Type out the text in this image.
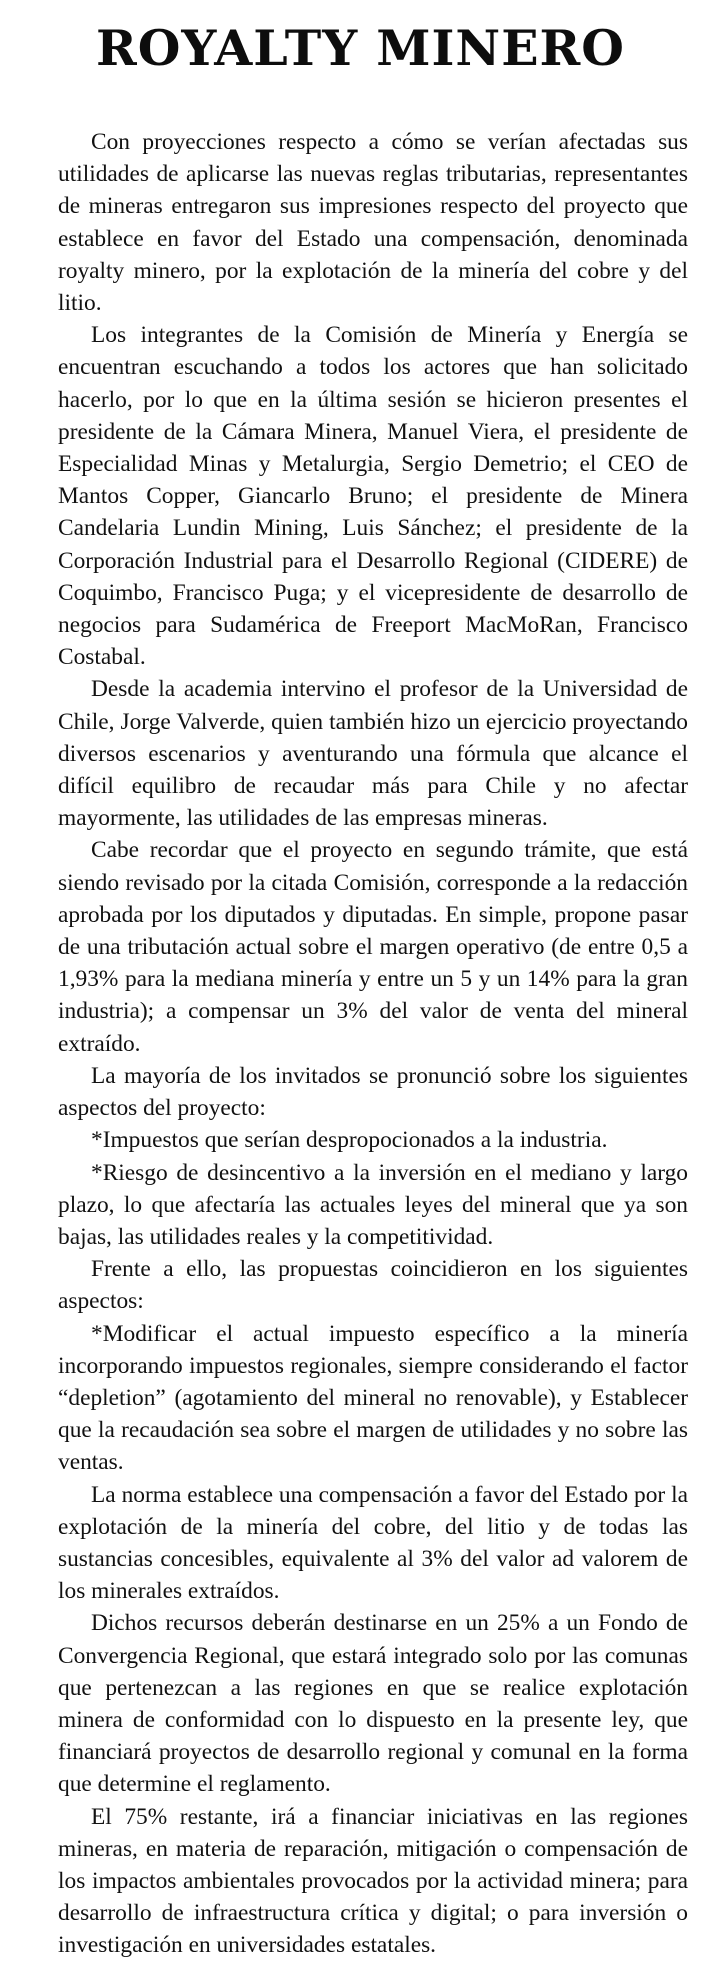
ROYALTY MINERO

Con proyecciones respecto a cómo se verían afectadas sus utilidades de aplicarse las nuevas reglas tributarias, representantes de mineras entregaron sus impresiones respecto del proyecto que establece en favor del Estado una compensación, denominada royalty minero, por la explotación de la minería del cobre y del litio.

Los integrantes de la Comisión de Minería y Energía se encuentran escuchando a todos los actores que han solicitado hacerlo, por lo que en la última sesión se hicieron presentes el presidente de la Cámara Minera, Manuel Viera, el presidente de Especialidad Minas y Metalurgia, Sergio Demetrio; el CEO de Mantos Copper, Giancarlo Bruno; el presidente de Minera Candelaria Lundin Mining, Luis Sánchez; el presidente de la Corporación Industrial para el Desarrollo Regional (CIDERE) de Coquimbo, Francisco Puga; y el vicepresidente de desarrollo de negocios para Sudamérica de Freeport MacMoRan, Francisco Costabal.

Desde la academia intervino el profesor de la Universidad de Chile, Jorge Valverde, quien también hizo un ejercicio proyectando diversos escenarios y aventurando una fórmula que alcance el difícil equilibro de recaudar más para Chile y no afectar mayormente, las utilidades de las empresas mineras.

Cabe recordar que el proyecto en segundo trámite, que está siendo revisado por la citada Comisión, corresponde a la redacción aprobada por los diputados y diputadas. En simple, propone pasar de una tributación actual sobre el margen operativo (de entre 0,5 a 1,93% para la mediana minería y entre un 5 y un 14% para la gran industria); a compensar un 3% del valor de venta del mineral extraído.

La mayoría de los invitados se pronunció sobre los siguientes aspectos del proyecto:

*Impuestos que serían despropocionados a la industria.

*Riesgo de desincentivo a la inversión en el mediano y largo plazo, lo que afectaría las actuales leyes del mineral que ya son bajas, las utilidades reales y la competitividad.

Frente a ello, las propuestas coincidieron en los siguientes aspectos:

*Modificar el actual impuesto específico a la minería incorporando impuestos regionales, siempre considerando el factor “depletion” (agotamiento del mineral no renovable), y Establecer que la recaudación sea sobre el margen de utilidades y no sobre las ventas.

La norma establece una compensación a favor del Estado por la explotación de la minería del cobre, del litio y de todas las sustancias concesibles, equivalente al 3% del valor ad valorem de los minerales extraídos.

Dichos recursos deberán destinarse en un 25% a un Fondo de Convergencia Regional, que estará integrado solo por las comunas que pertenezcan a las regiones en que se realice explotación minera de conformidad con lo dispuesto en la presente ley, que financiará proyectos de desarrollo regional y comunal en la forma que determine el reglamento.

El 75% restante, irá a financiar iniciativas en las regiones mineras, en materia de reparación, mitigación o compensación de los impactos ambientales provocados por la actividad minera; para desarrollo de infraestructura crítica y digital; o para inversión o investigación en universidades estatales.
